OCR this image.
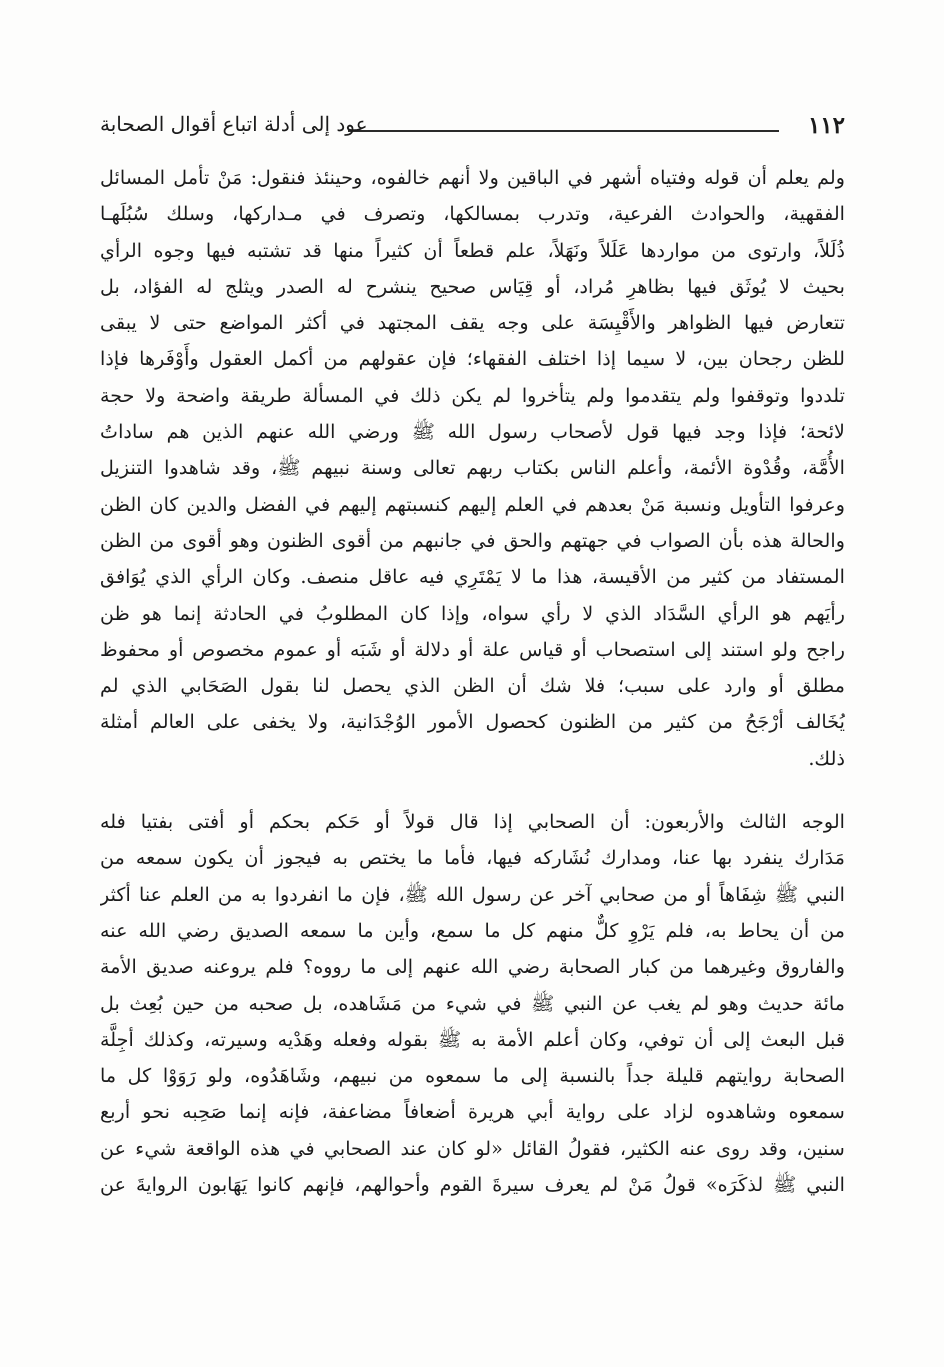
١١٢
عود إلى أدلة اتباع أقوال الصحابة
ولم يعلم أن قوله وفتياه أشهر في الباقين ولا أنهم خالفوه، وحينئذ فنقول: مَنْ تأمل المسائل
الفقهية، والحوادث الفرعية، وتدرب بمسالكها، وتصرف في مـداركها، وسلك سُبُلَهـا
ذُلَلاً، وارتوى من مواردها عَلَلاً ونَهَلاً، علم قطعاً أن كثيراً منها قد تشتبه فيها وجوه الرأي
بحيث لا يُوثَق فيها بظاهرِ مُراد، أو قِيَاس صحيح ينشرح له الصدر ويثلج له الفؤاد، بل
تتعارض فيها الظواهر والأَقْيِسَة على وجه يقف المجتهد في أكثر المواضع حتى لا يبقى
للظن رجحان بين، لا سيما إذا اختلف الفقهاء؛ فإن عقولهم من أكمل العقول وأَوْفَرها فإذا
تلددوا وتوقفوا ولم يتقدموا ولم يتأخروا لم يكن ذلك في المسألة طريقة واضحة ولا حجة
لائحة؛ فإذا وجد فيها قول لأصحاب رسول الله ﷺ ورضي الله عنهم الذين هم ساداتُ
الأُمَّة، وقُدْوة الأئمة، وأعلم الناس بكتاب ربهم تعالى وسنة نبيهم ﷺ، وقد شاهدوا التنزيل
وعرفوا التأويل ونسبة مَنْ بعدهم في العلم إليهم كنسبتهم إليهم في الفضل والدين كان الظن
والحالة هذه بأن الصواب في جهتهم والحق في جانبهم من أقوى الظنون وهو أقوى من الظن
المستفاد من كثير من الأقيسة، هذا ما لا يَمْتَرِي فيه عاقل منصف. وكان الرأي الذي يُوَافق
رأيَهم هو الرأي السَّدَاد الذي لا رأي سواه، وإذا كان المطلوبُ في الحادثة إنما هو ظن
راجح ولو استند إلى استصحاب أو قياس علة أو دلالة أو شَبَه أو عموم مخصوص أو محفوظ
مطلق أو وارد على سبب؛ فلا شك أن الظن الذي يحصل لنا بقول الصَحَابي الذي لم
يُخَالف أرْجَحُ من كثير من الظنون كحصول الأمور الوُجْدَانية، ولا يخفى على العالم أمثلة
ذلك.
الوجه الثالث والأربعون: أن الصحابي إذا قال قولاً أو حَكم بحكم أو أفتى بفتيا فله
مَدَارك ينفرد بها عنا، ومدارك نُشَاركه فيها، فأما ما يختص به فيجوز أن يكون سمعه من
النبي ﷺ شِفَاهاً أو من صحابي آخر عن رسول الله ﷺ، فإن ما انفردوا به من العلم عنا أكثر
من أن يحاط به، فلم يَرْوِ كلٌّ منهم كل ما سمع، وأين ما سمعه الصديق رضي الله عنه
والفاروق وغيرهما من كبار الصحابة رضي الله عنهم إلى ما رووه؟ فلم يروعنه صديق الأمة
مائة حديث وهو لم يغب عن النبي ﷺ في شيء من مَشَاهده، بل صحبه من حين بُعِث بل
قبل البعث إلى أن توفي، وكان أعلم الأمة به ﷺ بقوله وفعله وهَدْيه وسيرته، وكذلك أجِلَّة
الصحابة روايتهم قليلة جداً بالنسبة إلى ما سمعوه من نبيهم، وشَاهَدُوه، ولو رَوَوْا كل ما
سمعوه وشاهدوه لزاد على رواية أبي هريرة أضعافاً مضاعفة، فإنه إنما صَحِبه نحو أربع
سنين، وقد روى عنه الكثير، فقولُ القائل «لو كان عند الصحابي في هذه الواقعة شيء عن
النبي ﷺ لذكَرَه» قولُ مَنْ لم يعرف سيرةَ القوم وأحوالهم، فإنهم كانوا يَهَابون الروايةَ عن
